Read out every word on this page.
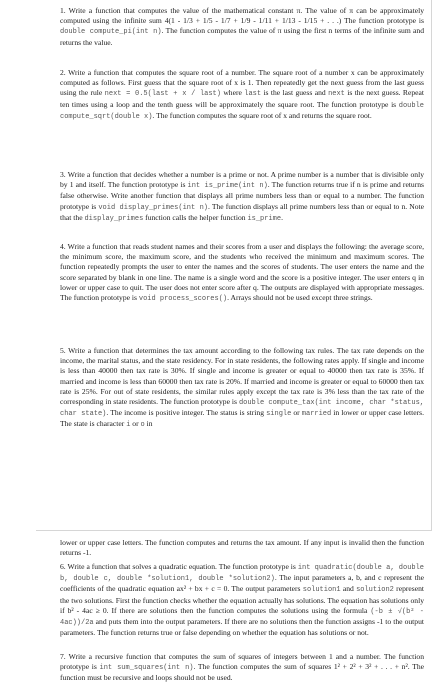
1. Write a function that computes the value of the mathematical constant π. The value of π can be approximately computed using the infinite sum 4(1 - 1/3 + 1/5 - 1/7 + 1/9 - 1/11 + 1/13 - 1/15 + . . .) The function prototype is double compute_pi(int n). The function computes the value of π using the first n terms of the infinite sum and returns the value.

2. Write a function that computes the square root of a number. The square root of a number x can be approximately computed as follows. First guess that the square root of x is 1. Then repeatedly get the next guess from the last guess using the rule next = 0.5(last + x / last) where last is the last guess and next is the next guess. Repeat ten times using a loop and the tenth guess will be approximately the square root. The function prototype is double compute_sqrt(double x). The function computes the square root of x and returns the square root.

3. Write a function that decides whether a number is a prime or not. A prime number is a number that is divisible only by 1 and itself. The function prototype is int is_prime(int n). The function returns true if n is prime and returns false otherwise. Write another function that displays all prime numbers less than or equal to a number. The function prototype is void display_primes(int n). The function displays all prime numbers less than or equal to n. Note that the display_primes function calls the helper function is_prime.

4. Write a function that reads student names and their scores from a user and displays the following: the average score, the minimum score, the maximum score, and the students who received the minimum and maximum scores. The function repeatedly prompts the user to enter the names and the scores of students. The user enters the name and the score separated by blank in one line. The name is a single word and the score is a positive integer. The user enters q in lower or upper case to quit. The user does not enter score after q. The outputs are displayed with appropriate messages. The function prototype is void process_scores(). Arrays should not be used except three strings.

5. Write a function that determines the tax amount according to the following tax rules. The tax rate depends on the income, the marital status, and the state residency. For in state residents, the following rates apply. If single and income is less than 40000 then tax rate is 30%. If single and income is greater or equal to 40000 then tax rate is 35%. If married and income is less than 60000 then tax rate is 20%. If married and income is greater or equal to 60000 then tax rate is 25%. For out of state residents, the similar rules apply except the tax rate is 3% less than the tax rate of the corresponding in state residents. The function prototype is double compute_tax(int income, char *status, char state). The income is positive integer. The status is string single or married in lower or upper case letters. The state is character i or o in

lower or upper case letters. The function computes and returns the tax amount. If any input is invalid then the function returns -1.

6. Write a function that solves a quadratic equation. The function prototype is int quadratic(double a, double b, double c, double *solution1, double *solution2). The input parameters a, b, and c represent the coefficients of the quadratic equation ax² + bx + c = 0. The output parameters solution1 and solution2 represent the two solutions. First the function checks whether the equation actually has solutions. The equation has solutions only if b² - 4ac ≥ 0. If there are solutions then the function computes the solutions using the formula (-b ± √(b² - 4ac))/2a and puts them into the output parameters. If there are no solutions then the function assigns -1 to the output parameters. The function returns true or false depending on whether the equation has solutions or not.

7. Write a recursive function that computes the sum of squares of integers between 1 and a number. The function prototype is int sum_squares(int n). The function computes the sum of squares 1² + 2² + 3² + . . . + n². The function must be recursive and loops should not be used.
